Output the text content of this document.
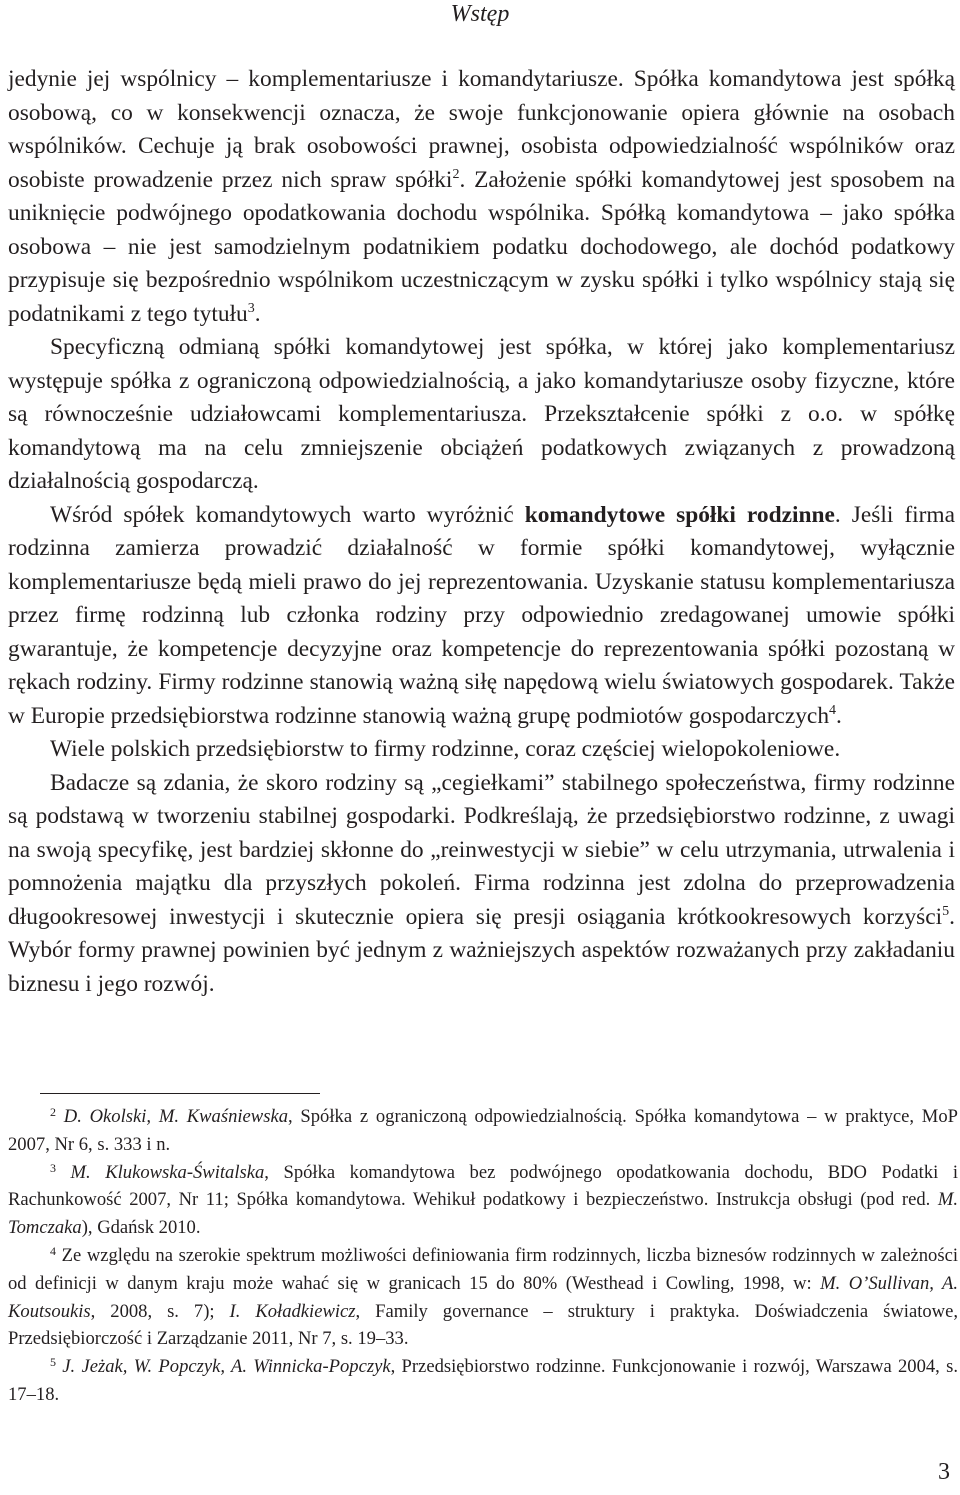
Wstęp

jedynie jej wspólnicy – komplementariusze i komandytariusze. Spółka komandytowa jest spółką osobową, co w konsekwencji oznacza, że swoje funkcjonowanie opiera głównie na osobach wspólników. Cechuje ją brak osobowości prawnej, osobista odpowiedzialność wspólników oraz osobiste prowadzenie przez nich spraw spółki$^2$. Założenie spółki komandytowej jest sposobem na uniknięcie podwójnego opodatkowania dochodu wspólnika. Spółką komandytowa – jako spółka osobowa – nie jest samodzielnym podatnikiem podatku dochodowego, ale dochód podatkowy przypisuje się bezpośrednio wspólnikom uczestniczącym w zysku spółki i tylko wspólnicy stają się podatnikami z tego tytułu$^3$.

Specyficzną odmianą spółki komandytowej jest spółka, w której jako komplementariusz występuje spółka z ograniczoną odpowiedzialnością, a jako komandytariusze osoby fizyczne, które są równocześnie udziałowcami komplementariusza. Przekształcenie spółki z o.o. w spółkę komandytową ma na celu zmniejszenie obciążeń podatkowych związanych z prowadzoną działalnością gospodarczą.

Wśród spółek komandytowych warto wyróżnić komandytowe spółki rodzinne. Jeśli firma rodzinna zamierza prowadzić działalność w formie spółki komandytowej, wyłącznie komplementariusze będą mieli prawo do jej reprezentowania. Uzyskanie statusu komplementariusza przez firmę rodzinną lub członka rodziny przy odpowiednio zredagowanej umowie spółki gwarantuje, że kompetencje decyzyjne oraz kompetencje do reprezentowania spółki pozostaną w rękach rodziny. Firmy rodzinne stanowią ważną siłę napędową wielu światowych gospodarek. Także w Europie przedsiębiorstwa rodzinne stanowią ważną grupę podmiotów gospodarczych$^4$.

Wiele polskich przedsiębiorstw to firmy rodzinne, coraz częściej wielopokoleniowe.

Badacze są zdania, że skoro rodziny są „cegiełkami” stabilnego społeczeństwa, firmy rodzinne są podstawą w tworzeniu stabilnej gospodarki. Podkreślają, że przedsiębiorstwo rodzinne, z uwagi na swoją specyfikę, jest bardziej skłonne do „reinwestycji w siebie” w celu utrzymania, utrwalenia i pomnożenia majątku dla przyszłych pokoleń. Firma rodzinna jest zdolna do przeprowadzenia długookresowej inwestycji i skutecznie opiera się presji osiągania krótkookresowych korzyści$^5$. Wybór formy prawnej powinien być jednym z ważniejszych aspektów rozważanych przy zakładaniu biznesu i jego rozwój.

$^2$ D. Okolski, M. Kwaśniewska, Spółka z ograniczoną odpowiedzialnością. Spółka komandytowa – w praktyce, MoP 2007, Nr 6, s. 333 i n.

$^3$ M. Klukowska-Świtalska, Spółka komandytowa bez podwójnego opodatkowania dochodu, BDO Podatki i Rachunkowość 2007, Nr 11; Spółka komandytowa. Wehikuł podatkowy i bezpieczeństwo. Instrukcja obsługi (pod red. M. Tomczaka), Gdańsk 2010.

$^4$ Ze względu na szerokie spektrum możliwości definiowania firm rodzinnych, liczba biznesów rodzinnych w zależności od definicji w danym kraju może wahać się w granicach 15 do 80% (Westhead i Cowling, 1998, w: M. O’Sullivan, A. Koutsoukis, 2008, s. 7); I. Koładkiewicz, Family governance – struktury i praktyka. Doświadczenia światowe, Przedsiębiorczość i Zarządzanie 2011, Nr 7, s. 19–33.

$^5$ J. Jeżak, W. Popczyk, A. Winnicka-Popczyk, Przedsiębiorstwo rodzinne. Funkcjonowanie i rozwój, Warszawa 2004, s. 17–18.

3
